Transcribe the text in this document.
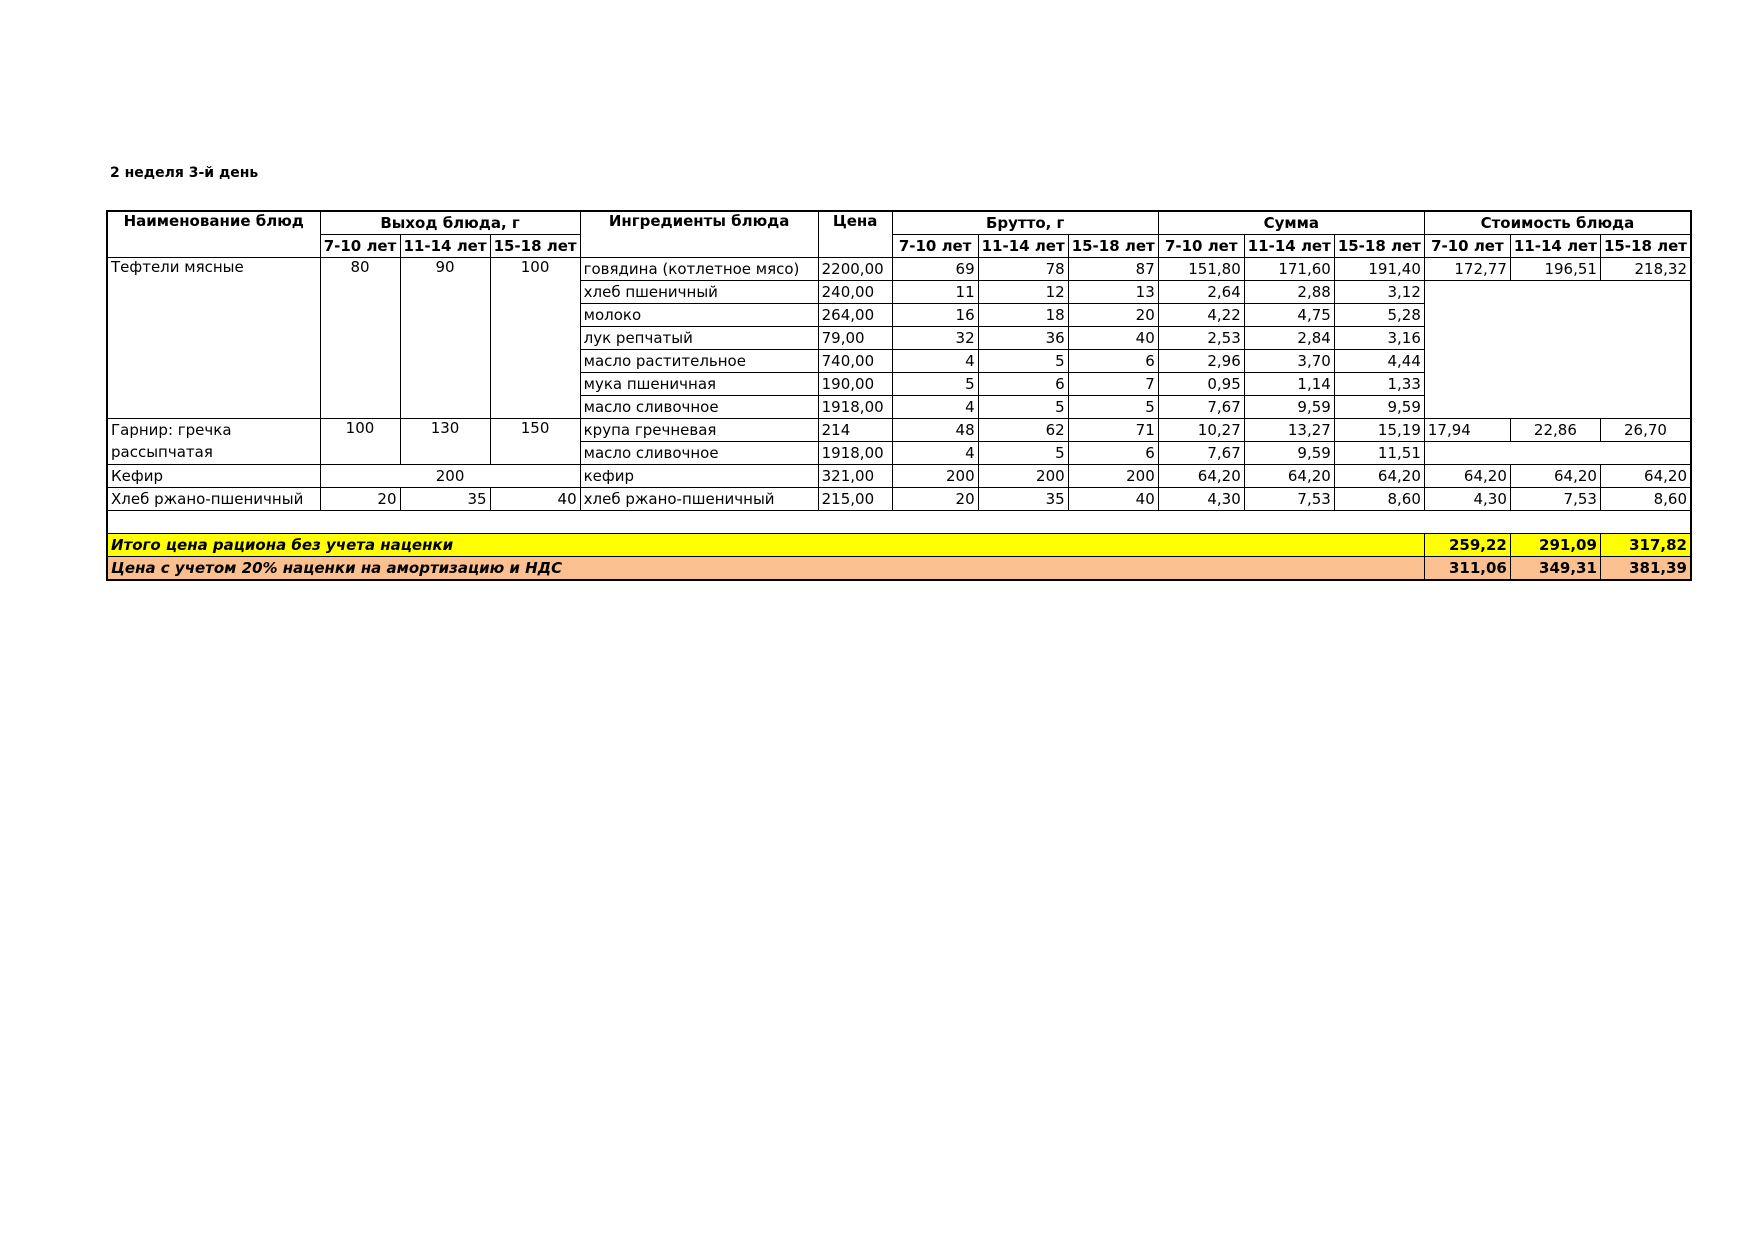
2 неделя 3-й день
Наименование блюд	Выход блюда, г			Ингредиенты блюда	Цена	Брутто, г			Сумма			Стоимость блюда		
	7-10 лет	11-14 лет	15-18 лет			7-10 лет	11-14 лет	15-18 лет	7-10 лет	11-14 лет	15-18 лет	7-10 лет	11-14 лет	15-18 лет
Тефтели мясные	80	90	100	говядина (котлетное мясо)	2200,00	69	78	87	151,80	171,60	191,40	172,77	196,51	218,32
				хлеб пшеничный	240,00	11	12	13	2,64	2,88	3,12			
				молоко	264,00	16	18	20	4,22	4,75	5,28			
				лук репчатый	79,00	32	36	40	2,53	2,84	3,16			
				масло растительное	740,00	4	5	6	2,96	3,70	4,44			
				мука пшеничная	190,00	5	6	7	0,95	1,14	1,33			
				масло сливочное	1918,00	4	5	5	7,67	9,59	9,59			
Гарнир: гречка рассыпчатая	100	130	150	крупа гречневая	214	48	62	71	10,27	13,27	15,19	17,94	22,86	26,70
				масло сливочное	1918,00	4	5	6	7,67	9,59	11,51			
Кефир	200			кефир	321,00	200	200	200	64,20	64,20	64,20	64,20	64,20	64,20
Хлеб ржано-пшеничный	20	35	40	хлеб ржано-пшеничный	215,00	20	35	40	4,30	7,53	8,60	4,30	7,53	8,60

Итого цена рациона без учета наценки												259,22	291,09	317,82
Цена с учетом 20% наценки на амортизацию и НДС												311,06	349,31	381,39
